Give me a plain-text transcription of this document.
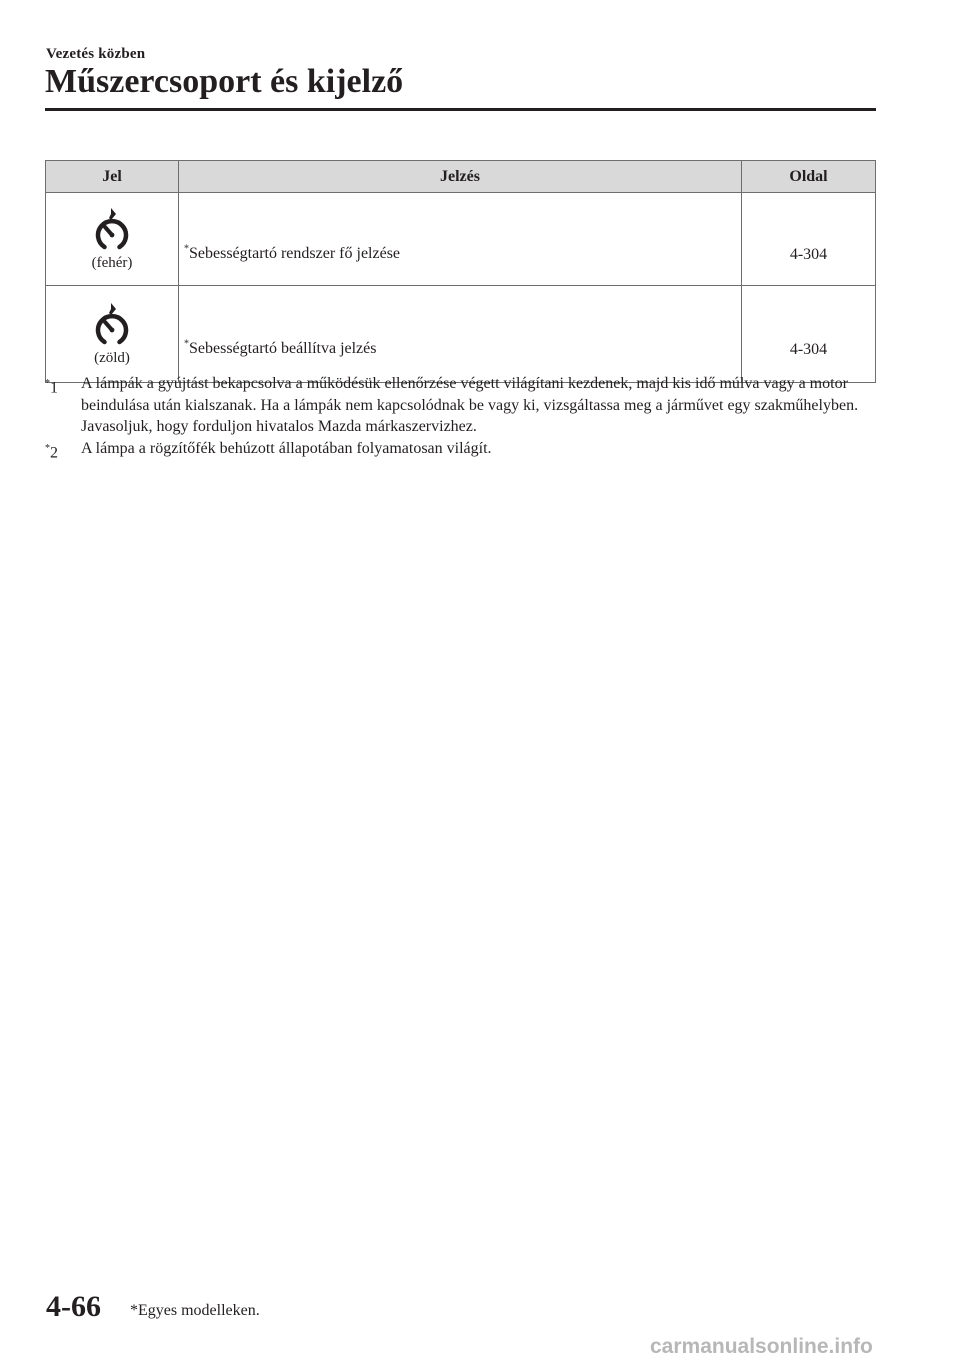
Vezetés közben
Műszercsoport és kijelző
Jel	Jelzés	Oldal

(fehér)	*Sebességtartó rendszer fő jelzése	4-304

(zöld)	*Sebességtartó beállítva jelzés	4-304
*1	A lámpák a gyújtást bekapcsolva a működésük ellenőrzése végett világítani kezdenek, majd kis idő múlva vagy a motor beindulása után kialszanak. Ha a lámpák nem kapcsolódnak be vagy ki, vizsgáltassa meg a járművet egy szakműhelyben. Javasoljuk, hogy forduljon hivatalos Mazda márkaszervizhez.
*2	A lámpa a rögzítőfék behúzott állapotában folyamatosan világít.
4-66 *Egyes modelleken.
carmanualsonline.info
